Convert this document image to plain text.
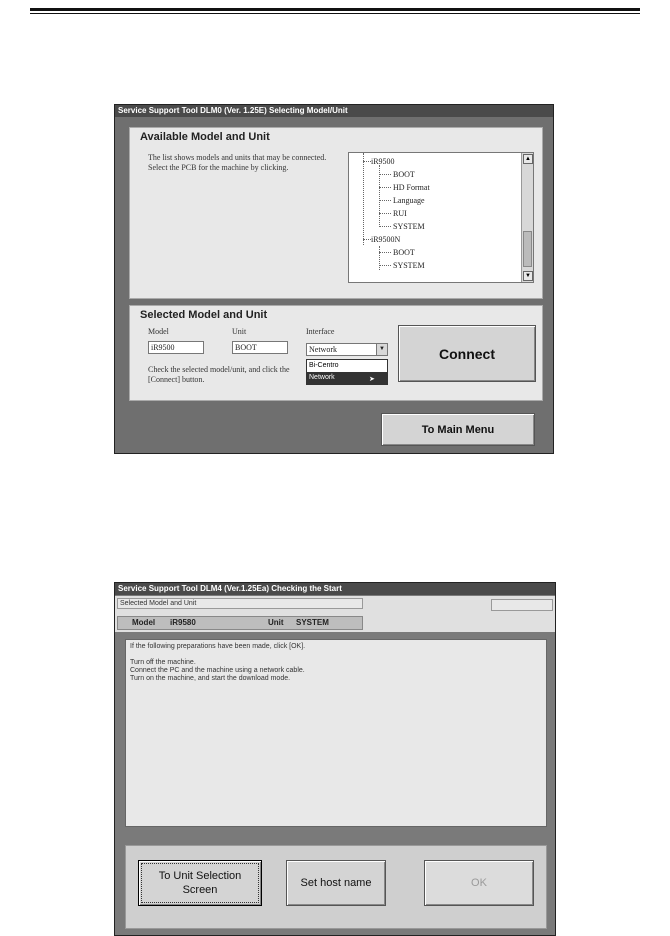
Service Support Tool DLM0 (Ver. 1.25E) Selecting Model/Unit
Available Model and Unit
The list shows models and units that may be connected. Select the PCB for the machine by clicking.
iR9500
BOOT
HD Format
Language
RUI
SYSTEM
iR9500N
BOOT
SYSTEM
▲
▼
Selected Model and Unit
Model	Unit	Interface
iR9500	BOOT	Network	▼
Check the selected model/unit, and click the [Connect] button.
Bi-Centro
Network	➤
Connect
To Main Menu
Service Support Tool DLM4 (Ver.1.25Ea) Checking the Start
Selected Model and Unit
Model iR9580	Unit SYSTEM

If the following preparations have been made, click [OK].

Turn off the machine.

Connect the PC and the machine using a network cable.

Turn on the machine, and start the download mode.

To Unit Selection Screen
Set host name	OK
